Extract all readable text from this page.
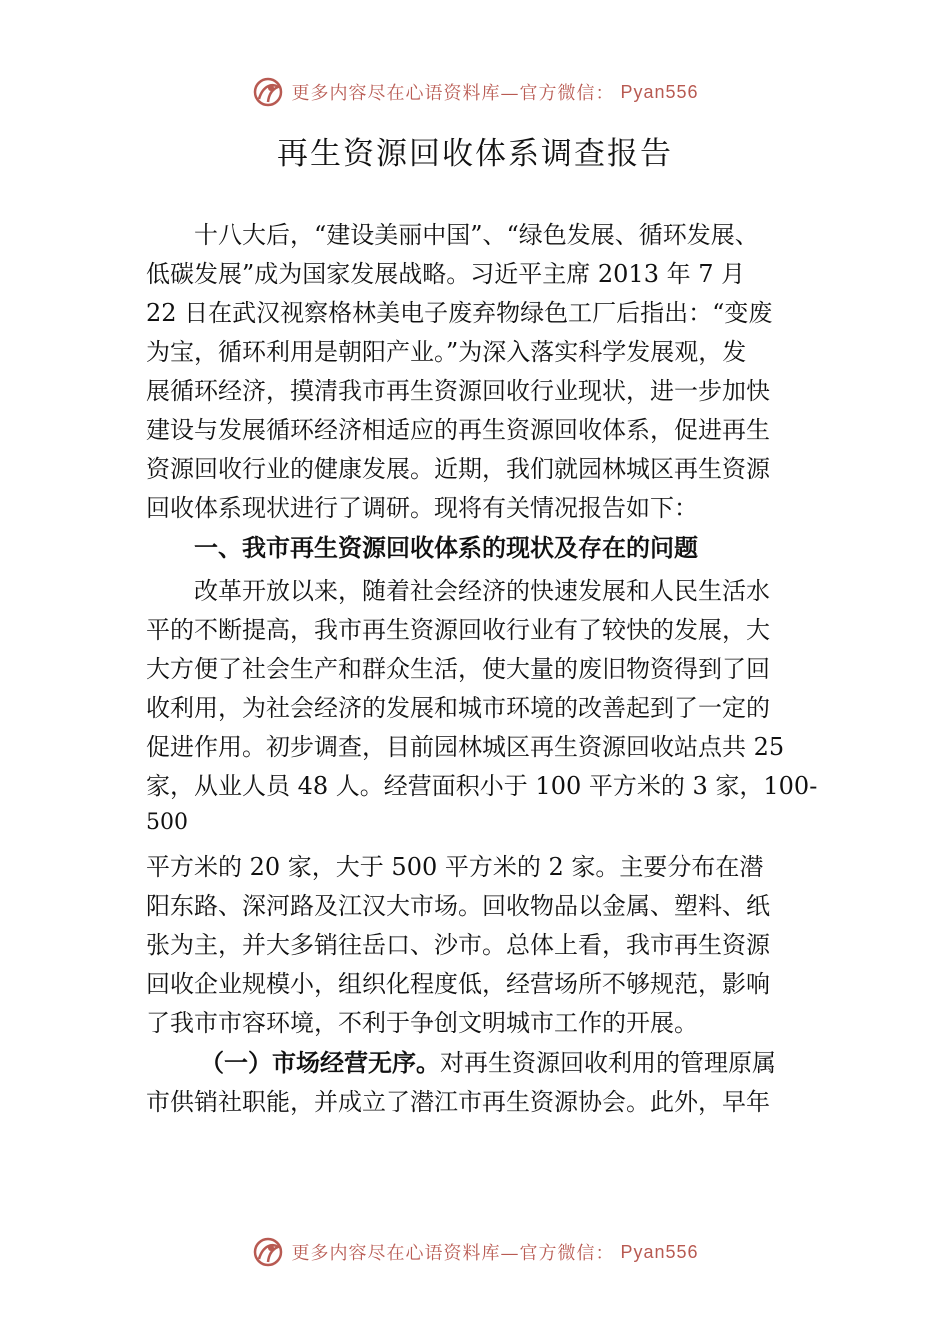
更多内容尽在心语资料库—官方微信： Pyan556
再生资源回收体系调查报告
十八大后，“建设美丽中国”、“绿色发展、循环发展、
低碳发展”成为国家发展战略。习近平主席 2013 年 7 月
22 日在武汉视察格林美电子废弃物绿色工厂后指出：“变废
为宝，循环利用是朝阳产业。”为深入落实科学发展观，发
展循环经济，摸清我市再生资源回收行业现状，进一步加快
建设与发展循环经济相适应的再生资源回收体系，促进再生
资源回收行业的健康发展。近期，我们就园林城区再生资源
回收体系现状进行了调研。现将有关情况报告如下：
一、我市再生资源回收体系的现状及存在的问题
改革开放以来，随着社会经济的快速发展和人民生活水
平的不断提高，我市再生资源回收行业有了较快的发展，大
大方便了社会生产和群众生活，使大量的废旧物资得到了回
收利用，为社会经济的发展和城市环境的改善起到了一定的
促进作用。初步调查，目前园林城区再生资源回收站点共 25
家，从业人员 48 人。经营面积小于 100 平方米的 3 家，100-
500
平方米的 20 家，大于 500 平方米的 2 家。主要分布在潜
阳东路、深河路及江汉大市场。回收物品以金属、塑料、纸
张为主，并大多销往岳口、沙市。总体上看，我市再生资源
回收企业规模小，组织化程度低，经营场所不够规范，影响
了我市市容环境，不利于争创文明城市工作的开展。
（一）市场经营无序。对再生资源回收利用的管理原属
市供销社职能，并成立了潜江市再生资源协会。此外，早年
更多内容尽在心语资料库—官方微信： Pyan556
